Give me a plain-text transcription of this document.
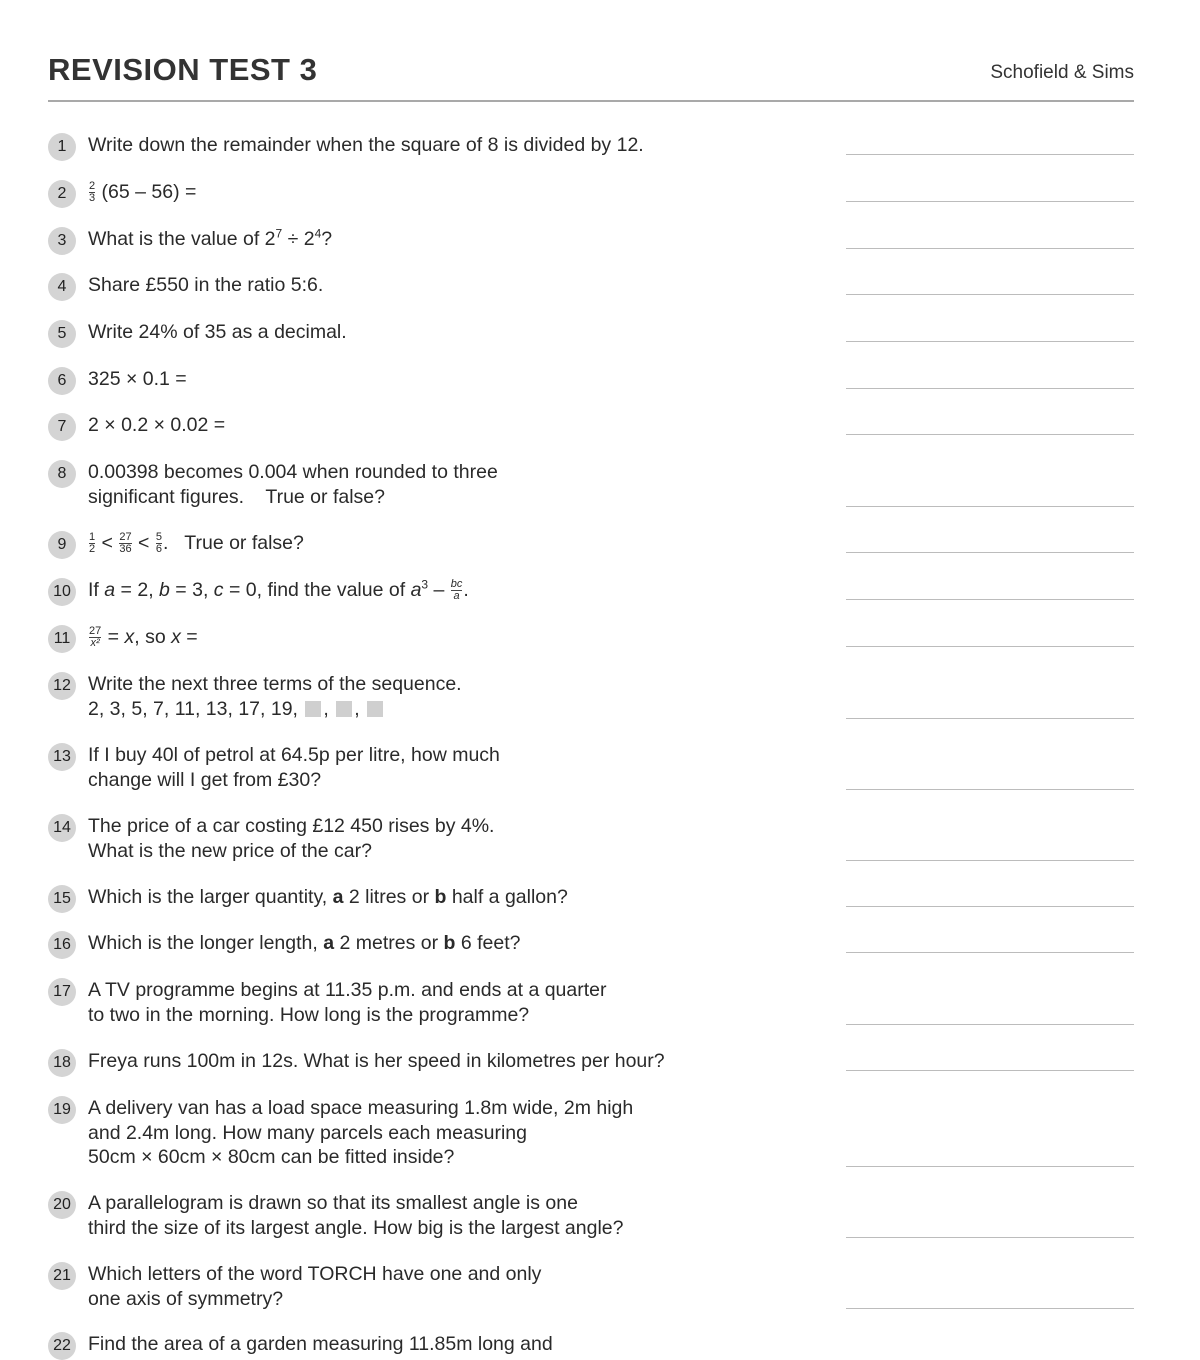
REVISION TEST 3	Schofield & Sims
1	Write down the remainder when the square of 8 is divided by 12.
2	$\frac{2}{3} (65 - 56)$ =
3	What is the value of $2^7 \div 2^4$?
4	Share £550 in the ratio 5:6.
5	Write 24% of 35 as a decimal.
6	325 × 0.1 =
7	2 × 0.2 × 0.02 =
8	0.00398 becomes 0.004 when rounded to three
significant figures.    True or false?
9	$\frac{1}{2} < \frac{27}{36} < \frac{5}{6}$ .   True or false?
10 If a = 2, b = 3, c = 0, find the value of $a^3 - \frac{bc}{a}$ .
11	$\frac{27}{\text{x²}} = x$, so x =
12 Write the next three terms of the sequence.
2, 3, 5, 7, 11, 13, 17, 19, , ,
13 If I buy 40l of petrol at 64.5p per litre, how much
change will I get from £30?
14 The price of a car costing £12 450 rises by 4%.
What is the new price of the car?
15 Which is the larger quantity, a 2 litres or b half a gallon?
16 Which is the longer length, a 2 metres or b 6 feet?
17 A TV programme begins at 11.35 p.m. and ends at a quarter
to two in the morning. How long is the programme?
18 Freya runs 100m in 12s. What is her speed in kilometres per hour?
19 A delivery van has a load space measuring 1.8m wide, 2m high
and 2.4m long. How many parcels each measuring
50cm × 60cm × 80cm can be fitted inside?
20 A parallelogram is drawn so that its smallest angle is one
third the size of its largest angle. How big is the largest angle?
21 Which letters of the word TORCH have one and only
one axis of symmetry?
22 Find the area of a garden measuring 11.85m long and
